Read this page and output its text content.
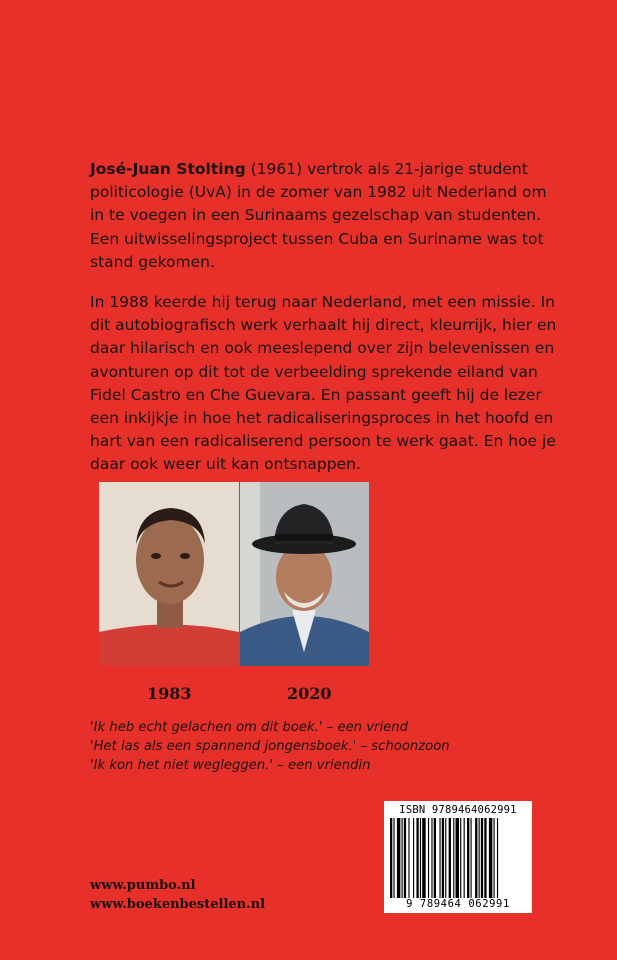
José-Juan Stolting (1961) vertrok als 21-jarige student politicologie (UvA) in de zomer van 1982 uit Nederland om in te voegen in een Surinaams gezelschap van studenten. Een uitwisselingsproject tussen Cuba en Suriname was tot stand gekomen.

In 1988 keerde hij terug naar Nederland, met een missie. In dit autobiografisch werk verhaalt hij direct, kleurrijk, hier en daar hilarisch en ook meeslepend over zijn belevenissen en avonturen op dit tot de verbeelding sprekende eiland van Fidel Castro en Che Guevara. En passant geeft hij de lezer een inkijkje in hoe het radicaliseringsproces in het hoofd en hart van een radicaliserend persoon te werk gaat. En hoe je daar ook weer uit kan ontsnappen.

1983	2020
'Ik heb echt gelachen om dit boek.' – een vriend
'Het las als een spannend jongensboek.' – schoonzoon
'Ik kon het niet wegleggen.' – een vriendin
www.pumbo.nl
www.boekenbestellen.nl
ISBN 9789464062991
9 789464 062991
